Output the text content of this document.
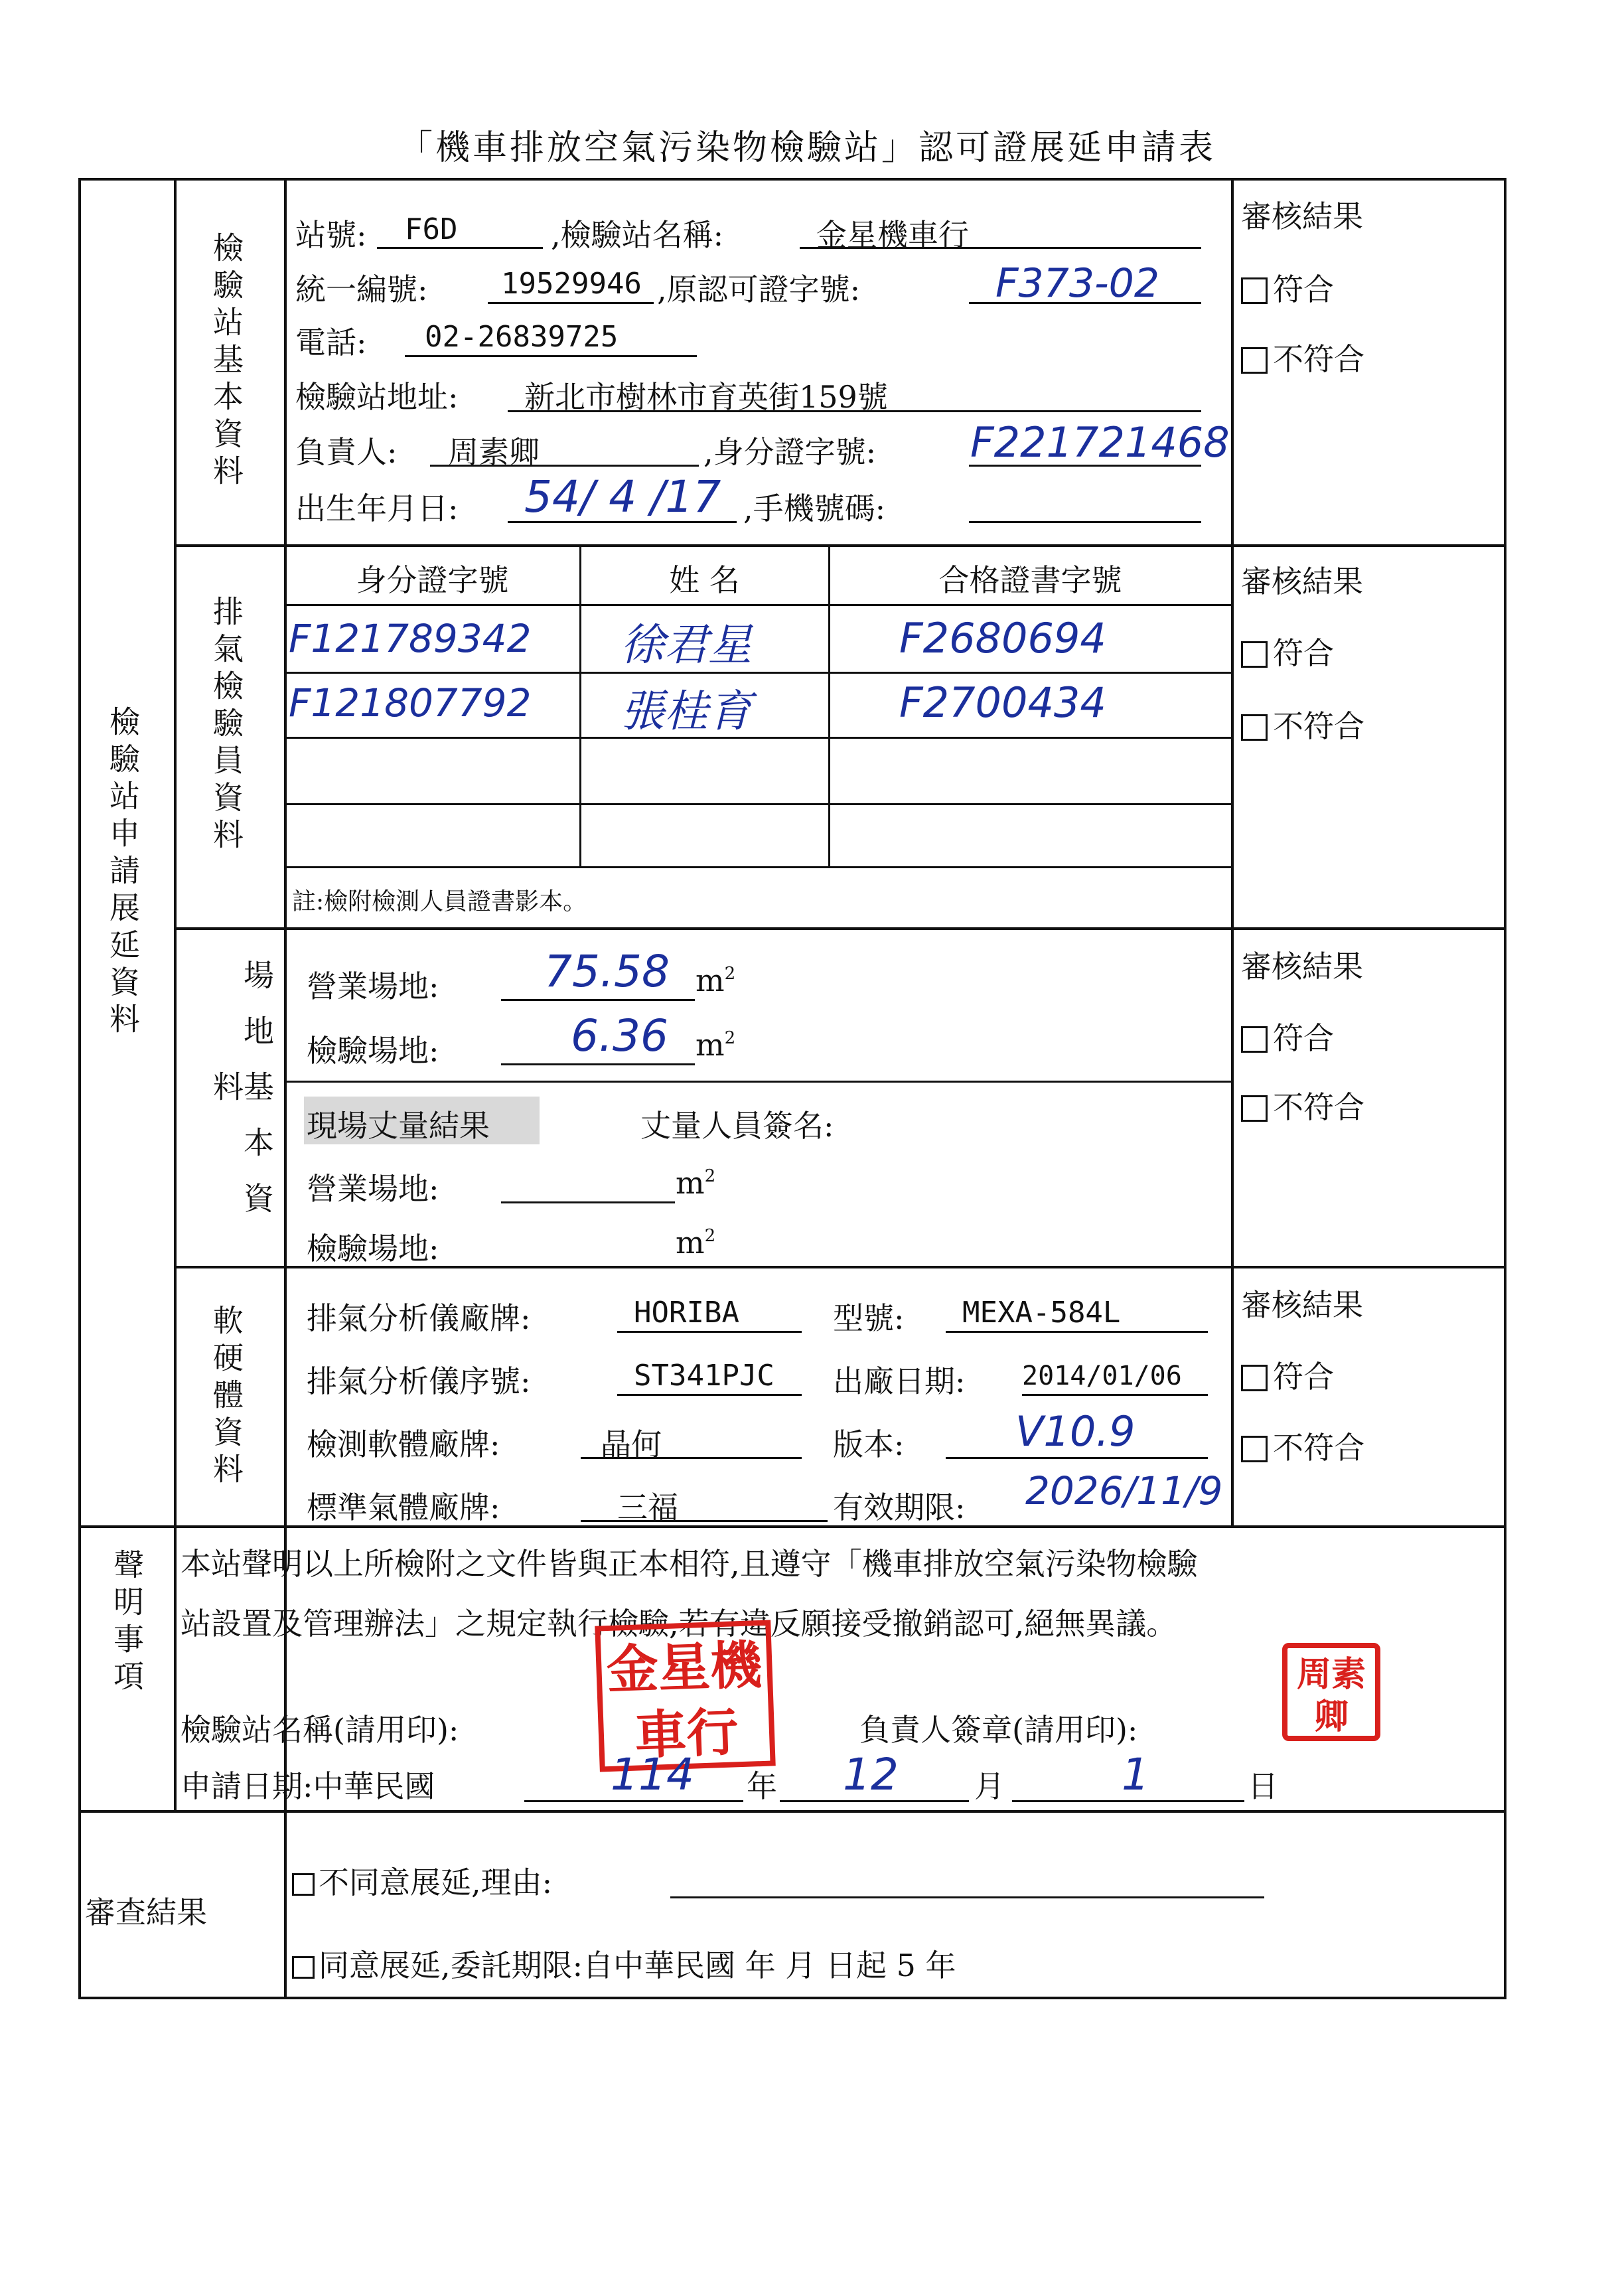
「機車排放空氣污染物檢驗站」認可證展延申請表
檢驗站申請展延資料
檢驗站基本資料 站號: F6D	,檢驗站名稱:	金星機車行
統一編號:	19529946 ,原認可證字號:	F373-02
電話: 02-26839725
檢驗站地址: 新北市樹林市育英街159號
負責人: 周素卿	,身分證字號: F221721468
出生年月日: 54/ 4 /17 ,手機號碼:
審核結果
符合
不符合
排氣檢驗員資料
身分證字號	姓 名	合格證書字號
F121789342 徐君星	F2680694
F121807792 張桂育	F2700434
註:檢附檢測人員證書影本。
審核結果
符合
不符合
場地基本資料
營業場地: 75.58 $m^2$
檢驗場地:	6.36 $m^2$
現場丈量結果	丈量人員簽名:
營業場地:	$m^2$
檢驗場地:	$m^2$
審核結果
符合
不符合
軟硬體資料 排氣分析儀廠牌:	HORIBA	型號: MEXA-584L
排氣分析儀序號:	ST341PJC 出廠日期: 2014/01/06
檢測軟體廠牌:	晶何	版本:	V10.9
標準氣體廠牌:	三福	有效期限: 2026/11/9
審核結果
符合
不符合
聲明事項 本站聲明以上所檢附之文件皆與正本相符,且遵守「機車排放空氣污染物檢驗
站設置及管理辦法」之規定執行檢驗,若有違反願接受撤銷認可,絕無異議。
檢驗站名稱(請用印):	負責人簽章(請用印):
金星機車行
周素卿
申請日期:中華民國	114 年 12 月	1	日
審查結果
不同意展延,理由:
同意展延,委託期限:自中華民國 年 月 日起 5 年
